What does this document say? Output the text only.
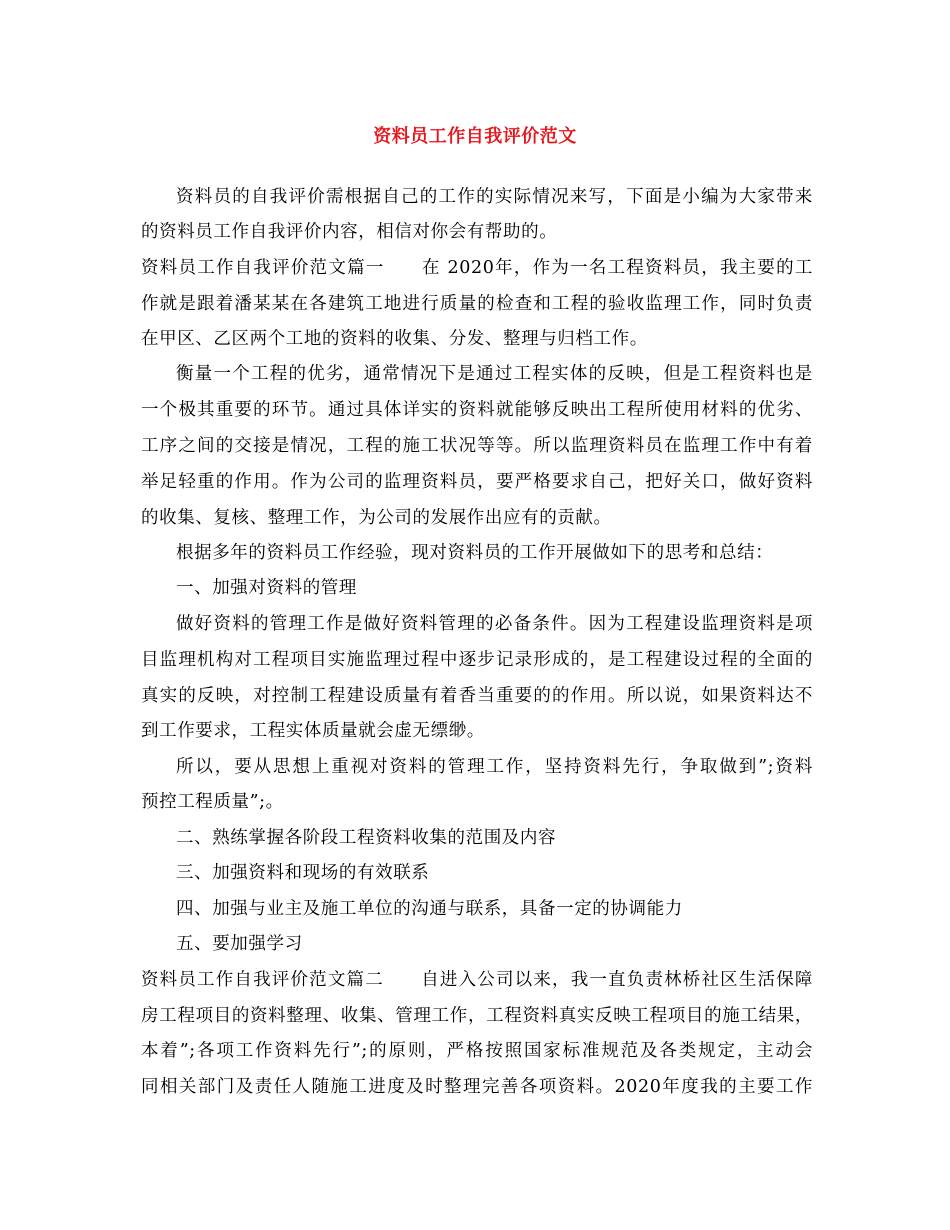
资料员工作自我评价范文
资料员的自我评价需根据自己的工作的实际情况来写，下面是小编为大家带来
的资料员工作自我评价内容，相信对你会有帮助的。
资料员工作自我评价范文篇一　　在 2020年，作为一名工程资料员，我主要的工
作就是跟着潘某某在各建筑工地进行质量的检查和工程的验收监理工作，同时负责
在甲区、乙区两个工地的资料的收集、分发、整理与归档工作。
衡量一个工程的优劣，通常情况下是通过工程实体的反映，但是工程资料也是
一个极其重要的环节。通过具体详实的资料就能够反映出工程所使用材料的优劣、
工序之间的交接是情况，工程的施工状况等等。所以监理资料员在监理工作中有着
举足轻重的作用。作为公司的监理资料员，要严格要求自己，把好关口，做好资料
的收集、复核、整理工作，为公司的发展作出应有的贡献。
根据多年的资料员工作经验，现对资料员的工作开展做如下的思考和总结：
一、加强对资料的管理
做好资料的管理工作是做好资料管理的必备条件。因为工程建设监理资料是项
目监理机构对工程项目实施监理过程中逐步记录形成的，是工程建设过程的全面的
真实的反映，对控制工程建设质量有着香当重要的的作用。所以说，如果资料达不
到工作要求，工程实体质量就会虚无缥缈。
所以，要从思想上重视对资料的管理工作，坚持资料先行，争取做到”;资料
预控工程质量”;。
二、熟练掌握各阶段工程资料收集的范围及内容
三、加强资料和现场的有效联系
四、加强与业主及施工单位的沟通与联系，具备一定的协调能力
五、要加强学习
资料员工作自我评价范文篇二　　自进入公司以来，我一直负责林桥社区生活保障
房工程项目的资料整理、收集、管理工作，工程资料真实反映工程项目的施工结果，
本着”;各项工作资料先行”;的原则，严格按照国家标准规范及各类规定，主动会
同相关部门及责任人随施工进度及时整理完善各项资料。2020年度我的主要工作
